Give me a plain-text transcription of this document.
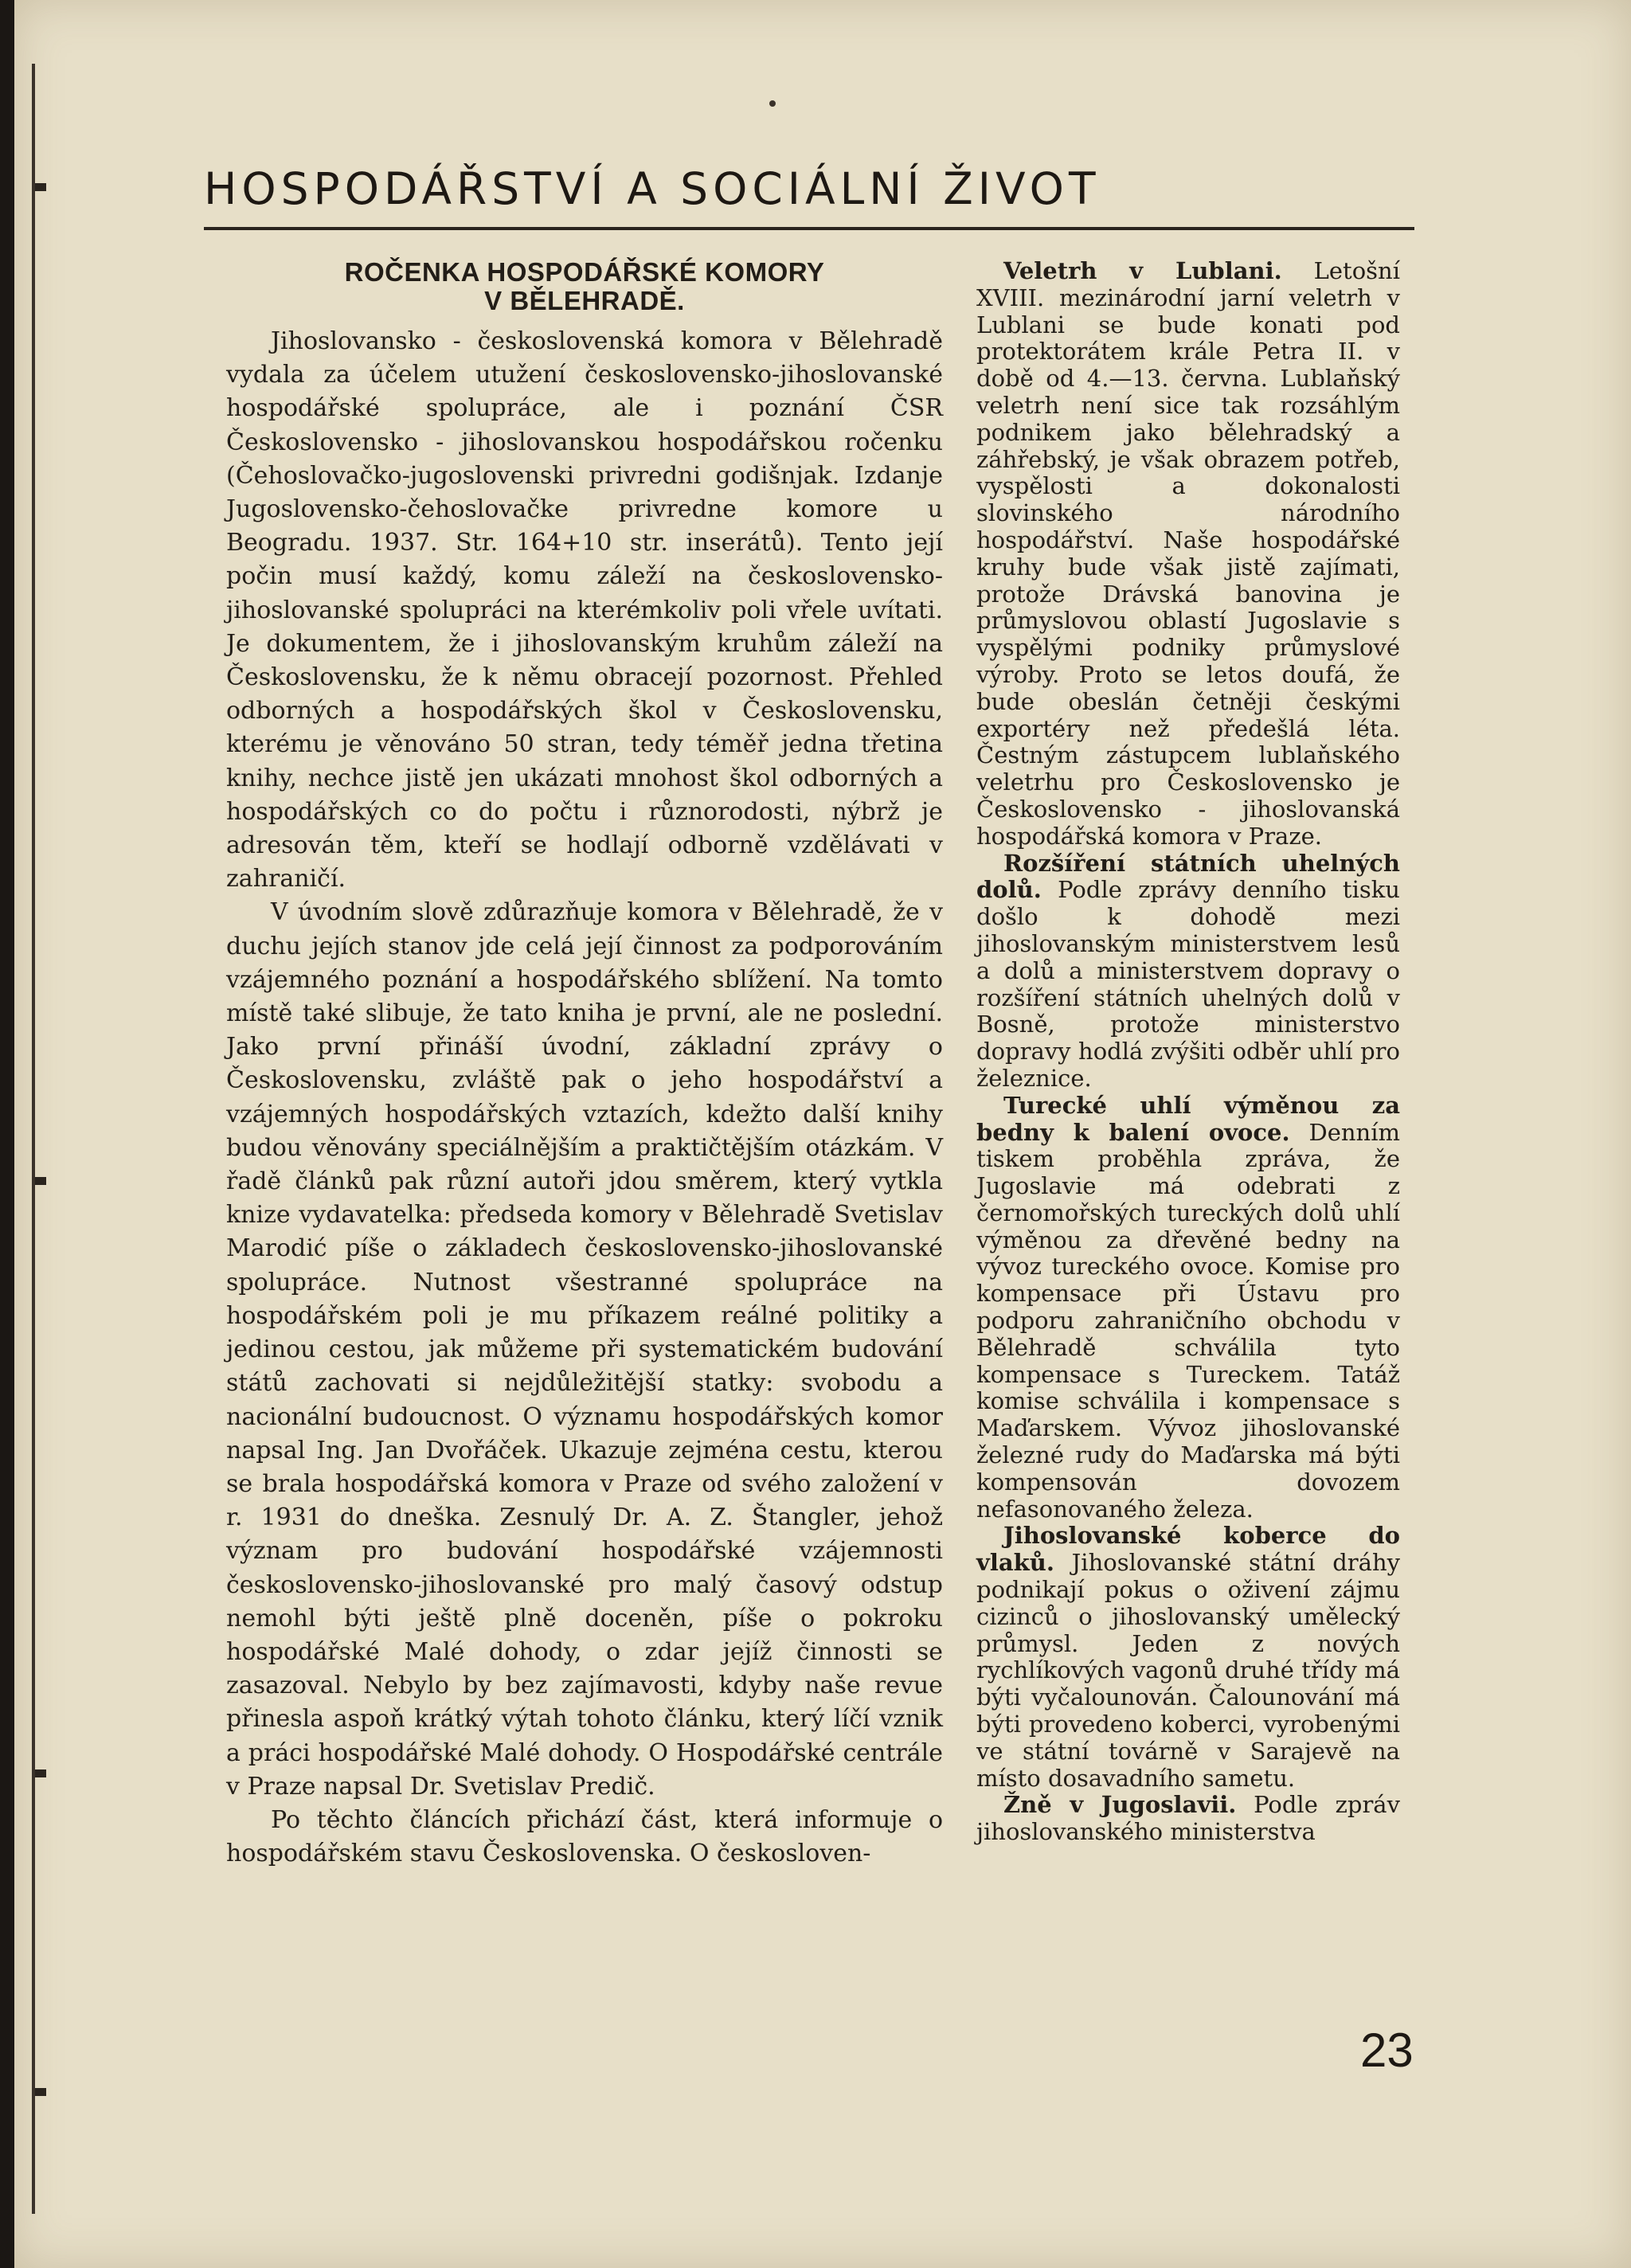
HOSPODÁŘSTVÍ A SOCIÁLNÍ ŽIVOT
ROČENKA HOSPODÁŘSKÉ KOMORY
V BĚLEHRADĚ.

Jihoslovansko - československá komora v Bělehradě vydala za účelem utužení československo-jihoslovanské hospodářské spolupráce, ale i poznání ČSR Československo - jihoslovanskou hospodářskou ročenku (Čehoslovačko-jugoslovenski privredni godišnjak. Izdanje Jugoslovensko-čehoslovačke privredne komore u Beogradu. 1937. Str. 164+10 str. inserátů). Tento její počin musí každý, komu záleží na československo-jihoslovanské spolupráci na kterémkoliv poli vřele uvítati. Je dokumentem, že i jihoslovanským kruhům záleží na Československu, že k němu obracejí pozornost. Přehled odborných a hospodářských škol v Československu, kterému je věnováno 50 stran, tedy téměř jedna třetina knihy, nechce jistě jen ukázati mnohost škol odborných a hospodářských co do počtu i různorodosti, nýbrž je adresován těm, kteří se hodlají odborně vzdělávati v zahraničí.

V úvodním slově zdůrazňuje komora v Bělehradě, že v duchu jejích stanov jde celá její činnost za podporováním vzájemného poznání a hospodářského sblížení. Na tomto místě také slibuje, že tato kniha je první, ale ne poslední. Jako první přináší úvodní, základní zprávy o Československu, zvláště pak o jeho hospodářství a vzájemných hospodářských vztazích, kdežto další knihy budou věnovány speciálnějším a praktičtějším otázkám. V řadě článků pak různí autoři jdou směrem, který vytkla knize vydavatelka: předseda komory v Bělehradě Svetislav Marodić píše o základech československo-jihoslovanské spolupráce. Nutnost všestranné spolupráce na hospodářském poli je mu příkazem reálné politiky a jedinou cestou, jak můžeme při systematickém budování států zachovati si nejdůležitější statky: svobodu a nacionální budoucnost. O významu hospodářských komor napsal Ing. Jan Dvořáček. Ukazuje zejména cestu, kterou se brala hospodářská komora v Praze od svého založení v r. 1931 do dneška. Zesnulý Dr. A. Z. Štangler, jehož význam pro budování hospodářské vzájemnosti československo-jihoslovanské pro malý časový odstup nemohl býti ještě plně doceněn, píše o pokroku hospodářské Malé dohody, o zdar jejíž činnosti se zasazoval. Nebylo by bez zajímavosti, kdyby naše revue přinesla aspoň krátký výtah tohoto článku, který líčí vznik a práci hospodářské Malé dohody. O Hospodářské centrále v Praze napsal Dr. Svetislav Predič.

Po těchto článcích přichází část, která informuje o hospodářském stavu Československa. O českosloven-

Veletrh v Lublani. Letošní XVIII. mezinárodní jarní veletrh v Lublani se bude konati pod protektorátem krále Petra II. v době od 4.—13. června. Lublaňský veletrh není sice tak rozsáhlým podnikem jako bělehradský a záhřebský, je však obrazem potřeb, vyspělosti a dokonalosti slovinského národního hospodářství. Naše hospodářské kruhy bude však jistě zajímati, protože Drávská banovina je průmyslovou oblastí Jugoslavie s vyspělými podniky průmyslové výroby. Proto se letos doufá, že bude obeslán četněji českými exportéry než předešlá léta. Čestným zástupcem lublaňského veletrhu pro Československo je Československo - jihoslovanská hospodářská komora v Praze.

Rozšíření státních uhelných dolů. Podle zprávy denního tisku došlo k dohodě mezi jihoslovanským ministerstvem lesů a dolů a ministerstvem dopravy o rozšíření státních uhelných dolů v Bosně, protože ministerstvo dopravy hodlá zvýšiti odběr uhlí pro železnice.

Turecké uhlí výměnou za bedny k balení ovoce. Denním tiskem proběhla zpráva, že Jugoslavie má odebrati z černomořských tureckých dolů uhlí výměnou za dřevěné bedny na vývoz tureckého ovoce. Komise pro kompensace při Ústavu pro podporu zahraničního obchodu v Bělehradě schválila tyto kompensace s Tureckem. Tatáž komise schválila i kompensace s Maďarskem. Vývoz jihoslovanské železné rudy do Maďarska má býti kompensován dovozem nefasonovaného železa.

Jihoslovanské koberce do vlaků. Jihoslovanské státní dráhy podnikají pokus o oživení zájmu cizinců o jihoslovanský umělecký průmysl. Jeden z nových rychlíkových vagonů druhé třídy má býti vyčalounován. Čalounování má býti provedeno koberci, vyrobenými ve státní továrně v Sarajevě na místo dosavadního sametu.

Žně v Jugoslavii. Podle zpráv jihoslovanského ministerstva

23
